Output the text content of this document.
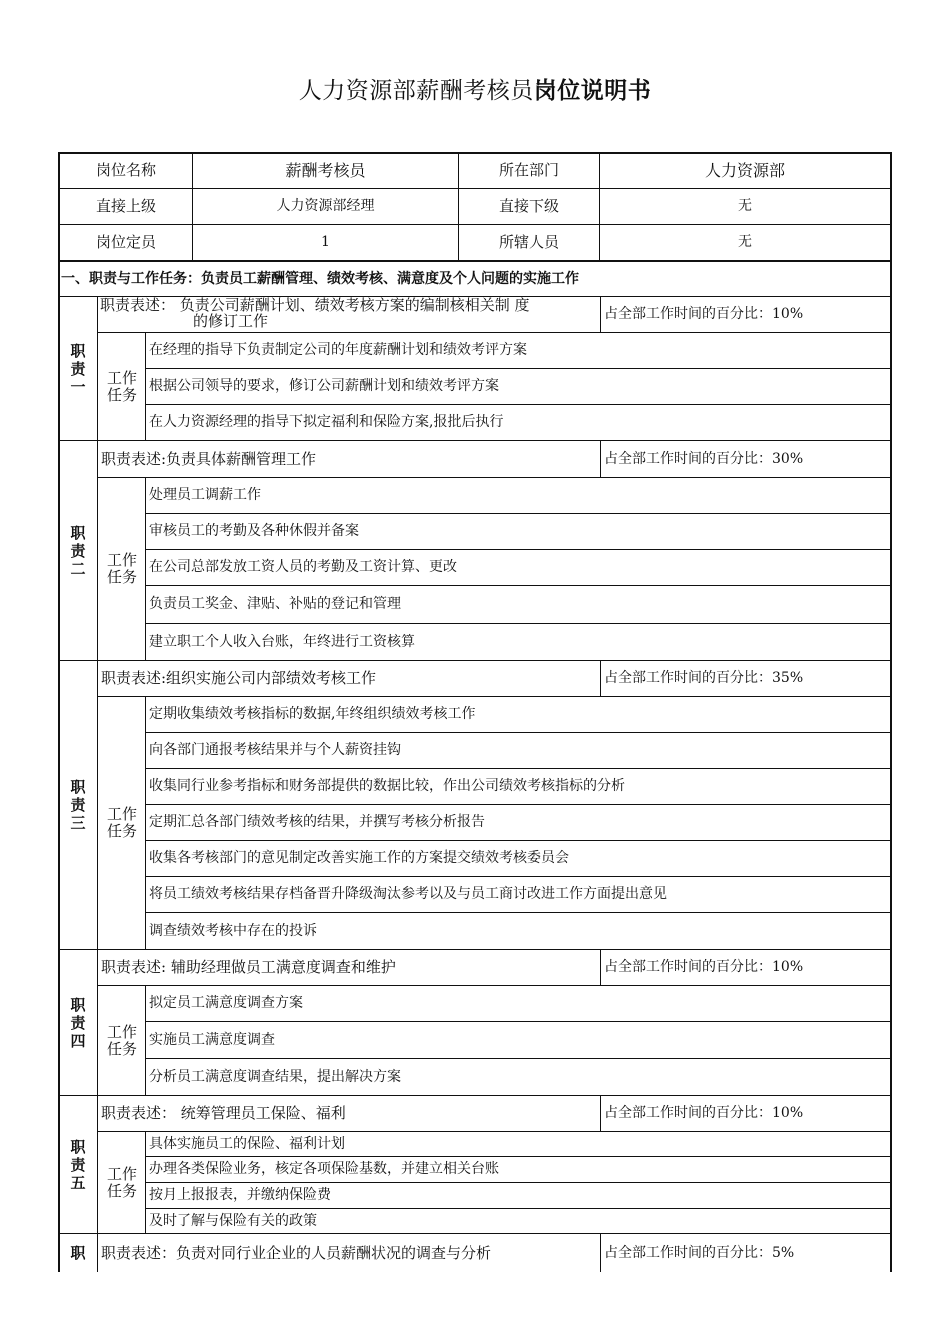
人力资源部薪酬考核员岗位说明书
岗位名称	薪酬考核员	所在部门	人力资源部
直接上级	人力资源部经理	直接下级	无
岗位定员	1	所辖人员	无
一、职责与工作任务：负责员工薪酬管理、绩效考核、满意度及个人问题的实施工作
职
责
一
职责表述： 负责公司薪酬计划、绩效考核方案的编制核相关制 度
的修订工作	占全部工作时间的百分比：10%
工作
任务
在经理的指导下负责制定公司的年度薪酬计划和绩效考评方案
根据公司领导的要求，修订公司薪酬计划和绩效考评方案
在人力资源经理的指导下拟定福利和保险方案,报批后执行
职
责
二
职责表述:负责具体薪酬管理工作	占全部工作时间的百分比：30%
工作
任务
处理员工调薪工作
审核员工的考勤及各种休假并备案
在公司总部发放工资人员的考勤及工资计算、更改
负责员工奖金、津贴、补贴的登记和管理
建立职工个人收入台账，年终进行工资核算
职
责
三
职责表述:组织实施公司内部绩效考核工作	占全部工作时间的百分比：35%
工作
任务
定期收集绩效考核指标的数据,年终组织绩效考核工作
向各部门通报考核结果并与个人薪资挂钩
收集同行业参考指标和财务部提供的数据比较，作出公司绩效考核指标的分析
定期汇总各部门绩效考核的结果，并撰写考核分析报告
收集各考核部门的意见制定改善实施工作的方案提交绩效考核委员会
将员工绩效考核结果存档备晋升降级淘汰参考以及与员工商讨改进工作方面提出意见
调查绩效考核中存在的投诉
职
责
四
职责表述: 辅助经理做员工满意度调查和维护	占全部工作时间的百分比：10%
工作
任务
拟定员工满意度调查方案
实施员工满意度调查
分析员工满意度调查结果，提出解决方案
职
责
五
职责表述： 统筹管理员工保险、福利	占全部工作时间的百分比：10%
工作
任务
具体实施员工的保险、福利计划
办理各类保险业务，核定各项保险基数，并建立相关台账
按月上报报表，并缴纳保险费
及时了解与保险有关的政策
职 职责表述：负责对同行业企业的人员薪酬状况的调查与分析	占全部工作时间的百分比：5%
